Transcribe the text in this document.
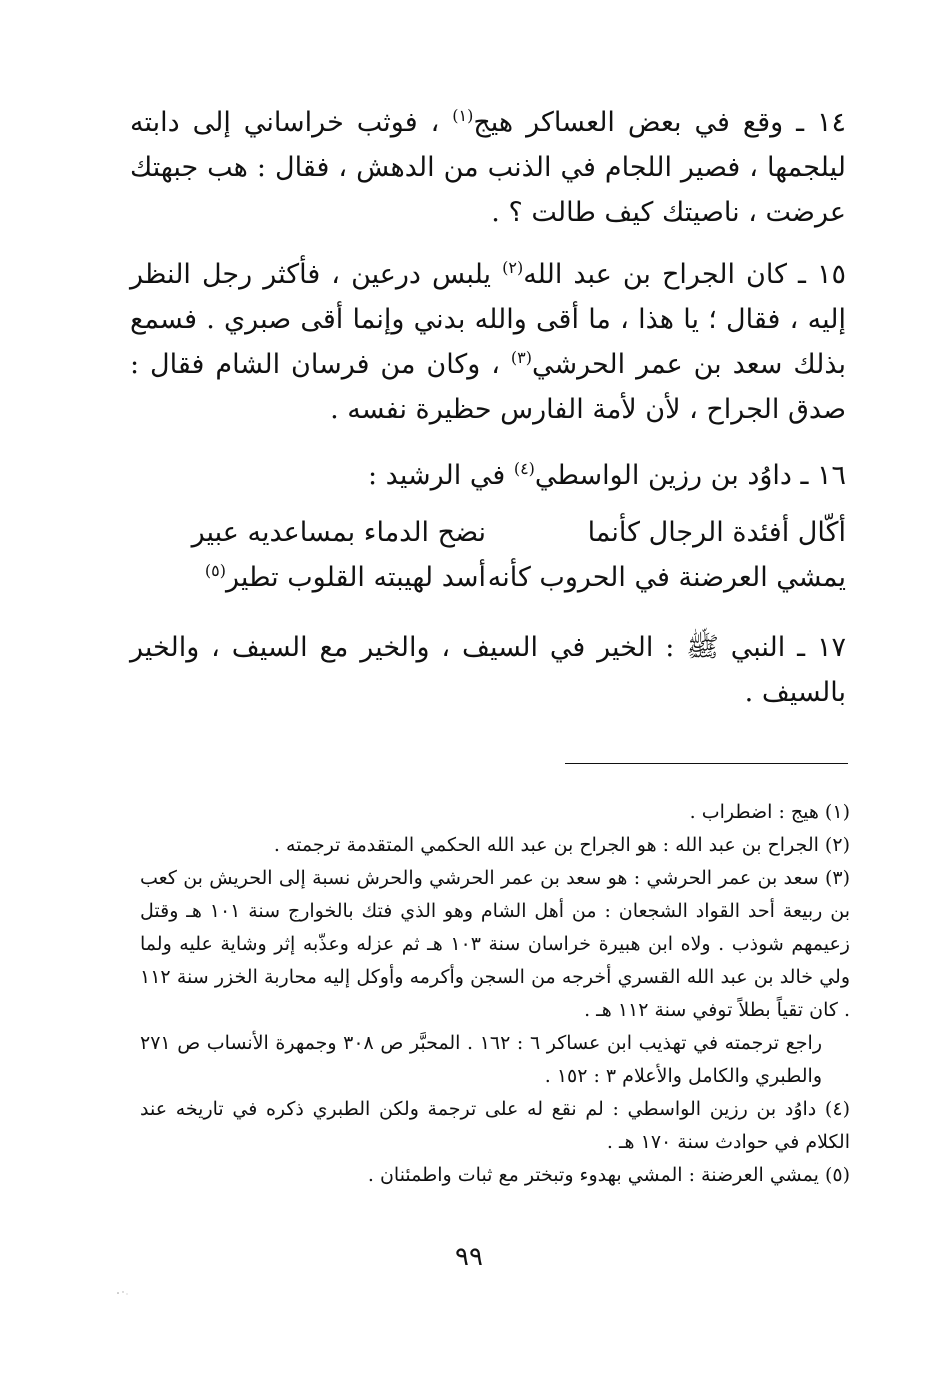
١٤ ـ وقع في بعض العساكر هيج$^{(١)}$ ، فوثب خراساني إلى دابته ليلجمها ، فصير اللجام في الذنب من الدهش ، فقال : هب جبهتك عرضت ، ناصيتك كيف طالت ؟ .

١٥ ـ كان الجراح بن عبد الله$^{(٢)}$ يلبس درعين ، فأكثر رجل النظر إليه ، فقال ؛ يا هذا ، ما أقى والله بدني وإنما أقى صبري . فسمع بذلك سعد بن عمر الحرشي$^{(٣)}$ ، وكان من فرسان الشام فقال : صدق الجراح ، لأن لأمة الفارس حظيرة نفسه .

١٦ ـ داوُد بن رزين الواسطي$^{(٤)}$ في الرشيد :

أكّال أفئدة الرجال كأنما
نضح الدماء بمساعديه عبير
يمشي العرضنة في الحروب كأنه
أسد لهيبته القلوب تطير$^{(٥)}$

١٧ ـ النبي ﷺ : الخير في السيف ، والخير مع السيف ، والخير بالسيف .

(١) هيج : اضطراب .

(٢) الجراح بن عبد الله : هو الجراح بن عبد الله الحكمي المتقدمة ترجمته .

(٣) سعد بن عمر الحرشي : هو سعد بن عمر الحرشي والحرش نسبة إلى الحريش بن كعب بن ربيعة أحد القواد الشجعان : من أهل الشام وهو الذي فتك بالخوارج سنة ١٠١ هـ وقتل زعيمهم شوذب . ولاه ابن هبيرة خراسان سنة ١٠٣ هـ ثم عزله وعذّبه إثر وشاية عليه ولما ولي خالد بن عبد الله القسري أخرجه من السجن وأكرمه وأوكل إليه محاربة الخزر سنة ١١٢ . كان تقياً بطلاً توفي سنة ١١٢ هـ .

راجع ترجمته في تهذيب ابن عساكر ٦ : ١٦٢ . المحبَّر ص ٣٠٨ وجمهرة الأنساب ص ٢٧١ والطبري والكامل والأعلام ٣ : ١٥٢ .

(٤) داوُد بن رزين الواسطي : لم نقع له على ترجمة ولكن الطبري ذكره في تاريخه عند الكلام في حوادث سنة ١٧٠ هـ .

(٥) يمشي العرضنة : المشي بهدوء وتبختر مع ثبات واطمئنان .

٩٩
